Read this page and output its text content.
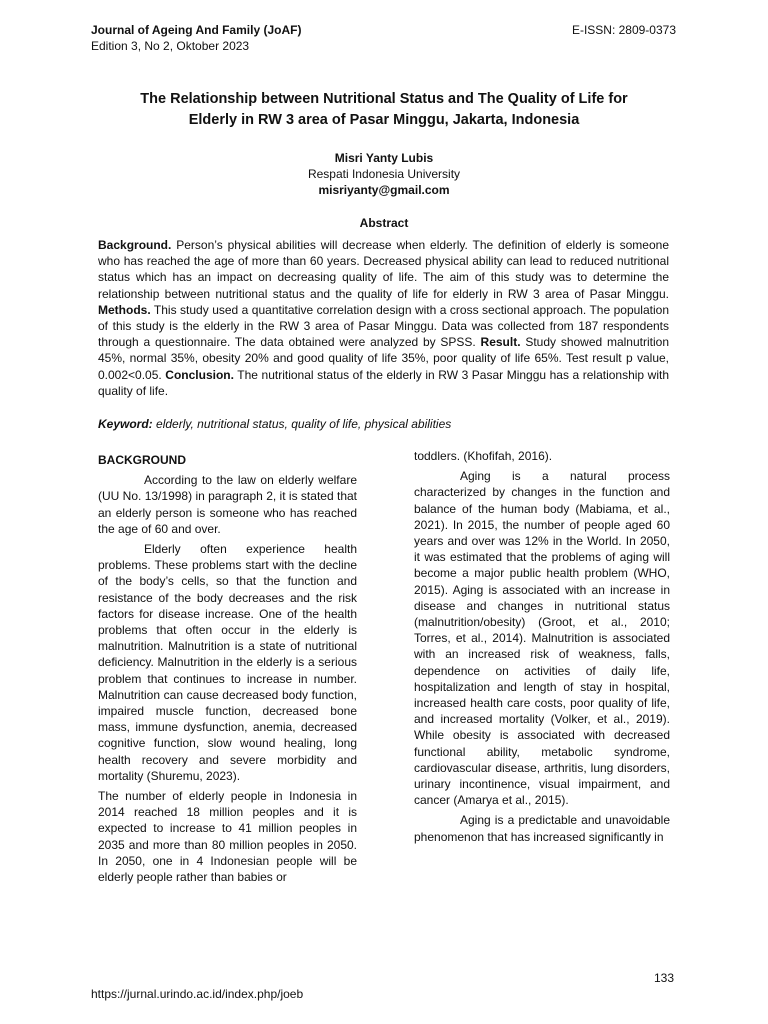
Journal of Ageing And Family (JoAF)
Edition 3, No 2, Oktober 2023
E-ISSN: 2809-0373
The Relationship between Nutritional Status and The Quality of Life for
Elderly in RW 3 area of Pasar Minggu, Jakarta, Indonesia
Misri Yanty Lubis
Respati Indonesia University
misriyanty@gmail.com
Abstract
Background. Person’s physical abilities will decrease when elderly. The definition of elderly is someone who has reached the age of more than 60 years. Decreased physical ability can lead to reduced nutritional status which has an impact on decreasing quality of life. The aim of this study was to determine the relationship between nutritional status and the quality of life for elderly in RW 3 area of Pasar Minggu. Methods. This study used a quantitative correlation design with a cross sectional approach. The population of this study is the elderly in the RW 3 area of Pasar Minggu. Data was collected from 187 respondents through a questionnaire. The data obtained were analyzed by SPSS. Result. Study showed malnutrition 45%, normal 35%, obesity 20% and good quality of life 35%, poor quality of life 65%. Test result p value, 0.002<0.05. Conclusion. The nutritional status of the elderly in RW 3 Pasar Minggu has a relationship with quality of life.
Keyword: elderly, nutritional status, quality of life, physical abilities

BACKGROUND

According to the law on elderly welfare (UU No. 13/1998) in paragraph 2, it is stated that an elderly person is someone who has reached the age of 60 and over.

Elderly often experience health problems. These problems start with the decline of the body’s cells, so that the function and resistance of the body decreases and the risk factors for disease increase. One of the health problems that often occur in the elderly is malnutrition. Malnutrition is a state of nutritional deficiency. Malnutrition in the elderly is a serious problem that continues to increase in number. Malnutrition can cause decreased body function, impaired muscle function, decreased bone mass, immune dysfunction, anemia, decreased cognitive function, slow wound healing, long health recovery and severe morbidity and mortality (Shuremu, 2023).

The number of elderly people in Indonesia in 2014 reached 18 million peoples and it is expected to increase to 41 million peoples in 2035 and more than 80 million peoples in 2050. In 2050, one in 4 Indonesian people will be elderly people rather than babies or

toddlers. (Khofifah, 2016).

Aging is a natural process characterized by changes in the function and balance of the human body (Mabiama, et al., 2021). In 2015, the number of people aged 60 years and over was 12% in the World. In 2050, it was estimated that the problems of aging will become a major public health problem (WHO, 2015). Aging is associated with an increase in disease and changes in nutritional status (malnutrition/obesity) (Groot, et al., 2010; Torres, et al., 2014). Malnutrition is associated with an increased risk of weakness, falls, dependence on activities of daily life, hospitalization and length of stay in hospital, increased health care costs, poor quality of life, and increased mortality (Volker, et al., 2019). While obesity is associated with decreased functional ability, metabolic syndrome, cardiovascular disease, arthritis, lung disorders, urinary incontinence, visual impairment, and cancer (Amarya et al., 2015).

Aging is a predictable and unavoidable phenomenon that has increased significantly in

133
https://jurnal.urindo.ac.id/index.php/joeb
